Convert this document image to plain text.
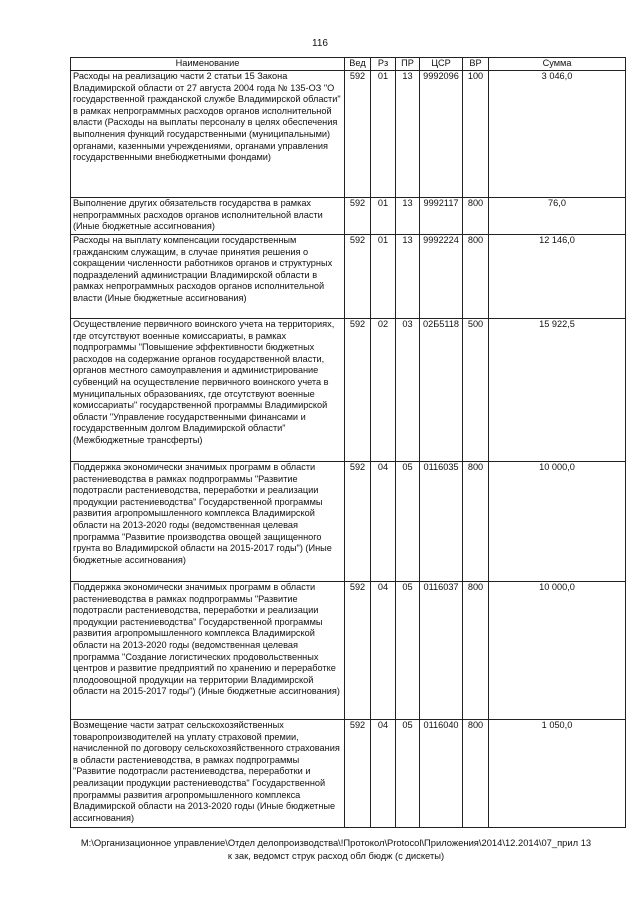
116
Наименование	Вед	Рз	ПР	ЦСР	ВР	Сумма
Расходы на реализацию части 2 статьи 15 Закона Владимирской области от 27 августа 2004 года № 135-ОЗ "О государственной гражданской службе Владимирской области" в рамках непрограммных расходов органов исполнительной власти (Расходы на выплаты персоналу в целях обеспечения выполнения функций государственными (муниципальными) органами, казенными учреждениями, органами управления государственными внебюджетными фондами)	592	01	13	9992096	100	3 046,0
Выполнение других обязательств государства в рамках непрограммных расходов органов исполнительной власти (Иные бюджетные ассигнования)	592	01	13	9992117	800	76,0
Расходы на выплату компенсации государственным гражданским служащим, в случае принятия решения о сокращении численности работников органов и структурных подразделений администрации Владимирской области в рамках непрограммных расходов органов исполнительной власти (Иные бюджетные ассигнования)	592	01	13	9992224	800	12 146,0
Осуществление первичного воинского учета на территориях, где отсутствуют военные комиссариаты, в рамках подпрограммы "Повышение эффективности бюджетных расходов на содержание органов государственной власти, органов местного самоуправления и администрирование субвенций на осуществление первичного воинского учета в муниципальных образованиях, где отсутствуют военные комиссариаты" государственной программы Владимирской области "Управление государственными финансами и государственным долгом Владимирской области" (Межбюджетные трансферты)	592	02	03	02Б5118	500	15 922,5
Поддержка экономически значимых программ в области растениеводства в рамках подпрограммы "Развитие подотрасли растениеводства, переработки и реализации продукции растениеводства" Государственной программы развития агропромышленного комплекса Владимирской области на 2013-2020 годы (ведомственная целевая программа "Развитие производства овощей защищенного грунта во Владимирской области на 2015-2017 годы") (Иные бюджетные ассигнования)	592	04	05	0116035	800	10 000,0
Поддержка экономически значимых программ в области растениеводства в рамках подпрограммы "Развитие подотрасли растениеводства, переработки и реализации продукции растениеводства" Государственной программы развития агропромышленного комплекса Владимирской области на 2013-2020 годы (ведомственная целевая программа "Создание логистических продовольственных центров и развитие предприятий по хранению и переработке плодоовощной продукции на территории Владимирской области на 2015-2017 годы") (Иные бюджетные ассигнования)	592	04	05	0116037	800	10 000,0
Возмещение части затрат сельскохозяйственных товаропроизводителей на уплату страховой премии, начисленной по договору сельскохозяйственного страхования в области растениеводства, в рамках подпрограммы "Развитие подотрасли растениеводства, переработки и реализации продукции растениеводства" Государственной программы развития агропромышленного комплекса Владимирской области на 2013-2020 годы (Иные бюджетные ассигнования)	592	04	05	0116040	800	1 050,0
M:\Организационное управление\Отдел делопроизводства\!Протокол\Protocol\Приложения\2014\12.2014\07_прил 13
к зак, ведомст струк расход обл бюдж (с дискеты)
